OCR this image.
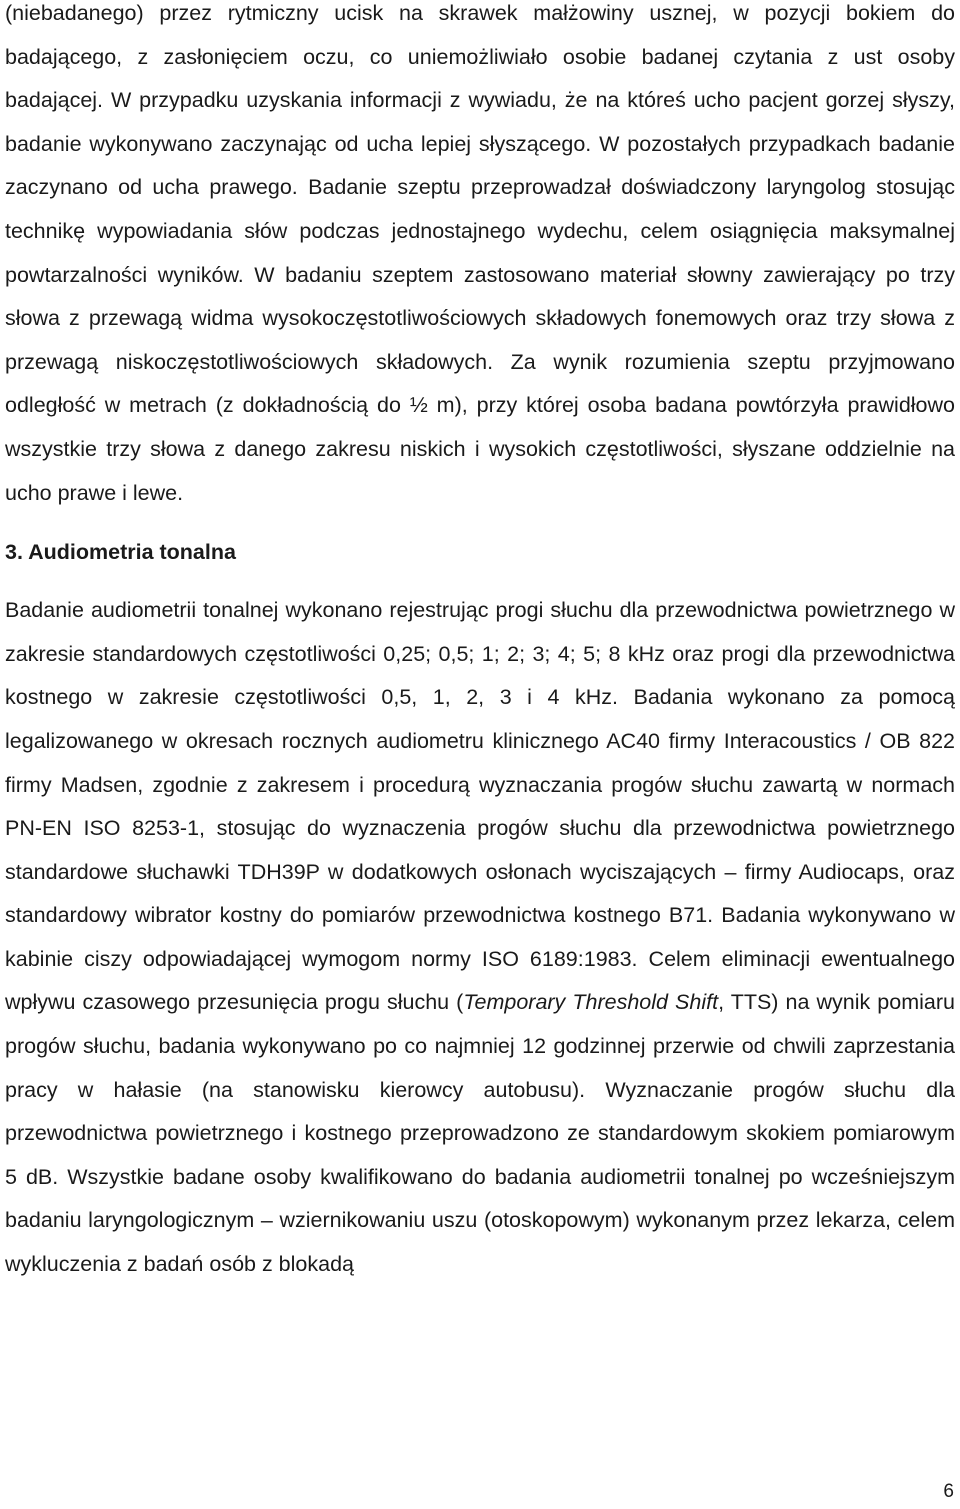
(niebadanego) przez rytmiczny ucisk na skrawek małżowiny usznej, w pozycji bokiem do badającego, z zasłonięciem oczu, co uniemożliwiało osobie badanej czytania z ust osoby badającej. W przypadku uzyskania informacji z wywiadu, że na któreś ucho pacjent gorzej słyszy, badanie wykonywano zaczynając od ucha lepiej słyszącego. W pozostałych przypadkach badanie zaczynano od ucha prawego. Badanie szeptu przeprowadzał doświadczony laryngolog stosując technikę wypowiadania słów podczas jednostajnego wydechu, celem osiągnięcia maksymalnej powtarzalności wyników. W badaniu szeptem zastosowano materiał słowny zawierający po trzy słowa z przewagą widma wysokoczęstotliwościowych składowych fonemowych oraz trzy słowa z przewagą niskoczęstotliwościowych składowych. Za wynik rozumienia szeptu przyjmowano odległość w metrach (z dokładnością do ½ m), przy której osoba badana powtórzyła prawidłowo wszystkie trzy słowa z danego zakresu niskich i wysokich częstotliwości, słyszane oddzielnie na ucho prawe i lewe.

3. Audiometria tonalna

Badanie audiometrii tonalnej wykonano rejestrując progi słuchu dla przewodnictwa powietrznego w zakresie standardowych częstotliwości 0,25; 0,5; 1; 2; 3; 4; 5; 8 kHz oraz progi dla przewodnictwa kostnego w zakresie częstotliwości 0,5, 1, 2, 3 i 4 kHz. Badania wykonano za pomocą legalizowanego w okresach rocznych audiometru klinicznego AC40 firmy Interacoustics / OB 822 firmy Madsen, zgodnie z zakresem i procedurą wyznaczania progów słuchu zawartą w normach PN-EN ISO 8253-1, stosując do wyznaczenia progów słuchu dla przewodnictwa powietrznego standardowe słuchawki TDH39P w dodatkowych osłonach wyciszających – firmy Audiocaps, oraz standardowy wibrator kostny do pomiarów przewodnictwa kostnego B71. Badania wykonywano w kabinie ciszy odpowiadającej wymogom normy ISO 6189:1983. Celem eliminacji ewentualnego wpływu czasowego przesunięcia progu słuchu (Temporary Threshold Shift, TTS) na wynik pomiaru progów słuchu, badania wykonywano po co najmniej 12 godzinnej przerwie od chwili zaprzestania pracy w hałasie (na stanowisku kierowcy autobusu). Wyznaczanie progów słuchu dla przewodnictwa powietrznego i kostnego przeprowadzono ze standardowym skokiem pomiarowym 5 dB. Wszystkie badane osoby kwalifikowano do badania audiometrii tonalnej po wcześniejszym badaniu laryngologicznym – wziernikowaniu uszu (otoskopowym) wykonanym przez lekarza, celem wykluczenia z badań osób z blokadą

6
